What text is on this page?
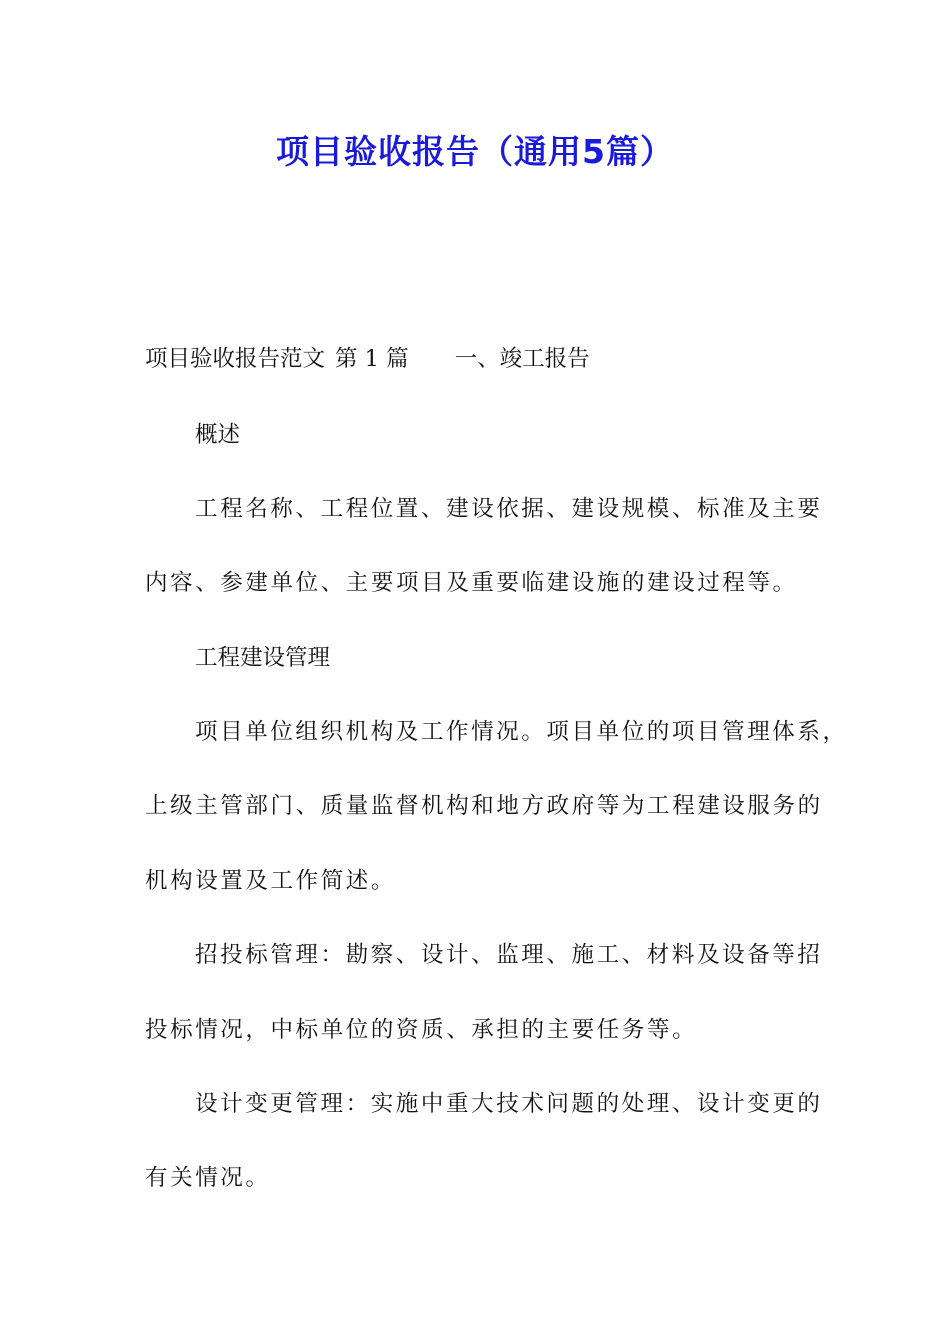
项目验收报告（通用5篇）
项目验收报告范文 第 1 篇 一、竣工报告
概述
工程名称、工程位置、建设依据、建设规模、标准及主要
内容、参建单位、主要项目及重要临建设施的建设过程等。
工程建设管理
项目单位组织机构及工作情况。项目单位的项目管理体系，
上级主管部门、质量监督机构和地方政府等为工程建设服务的
机构设置及工作简述。
招投标管理：勘察、设计、监理、施工、材料及设备等招
投标情况，中标单位的资质、承担的主要任务等。
设计变更管理：实施中重大技术问题的处理、设计变更的
有关情况。
